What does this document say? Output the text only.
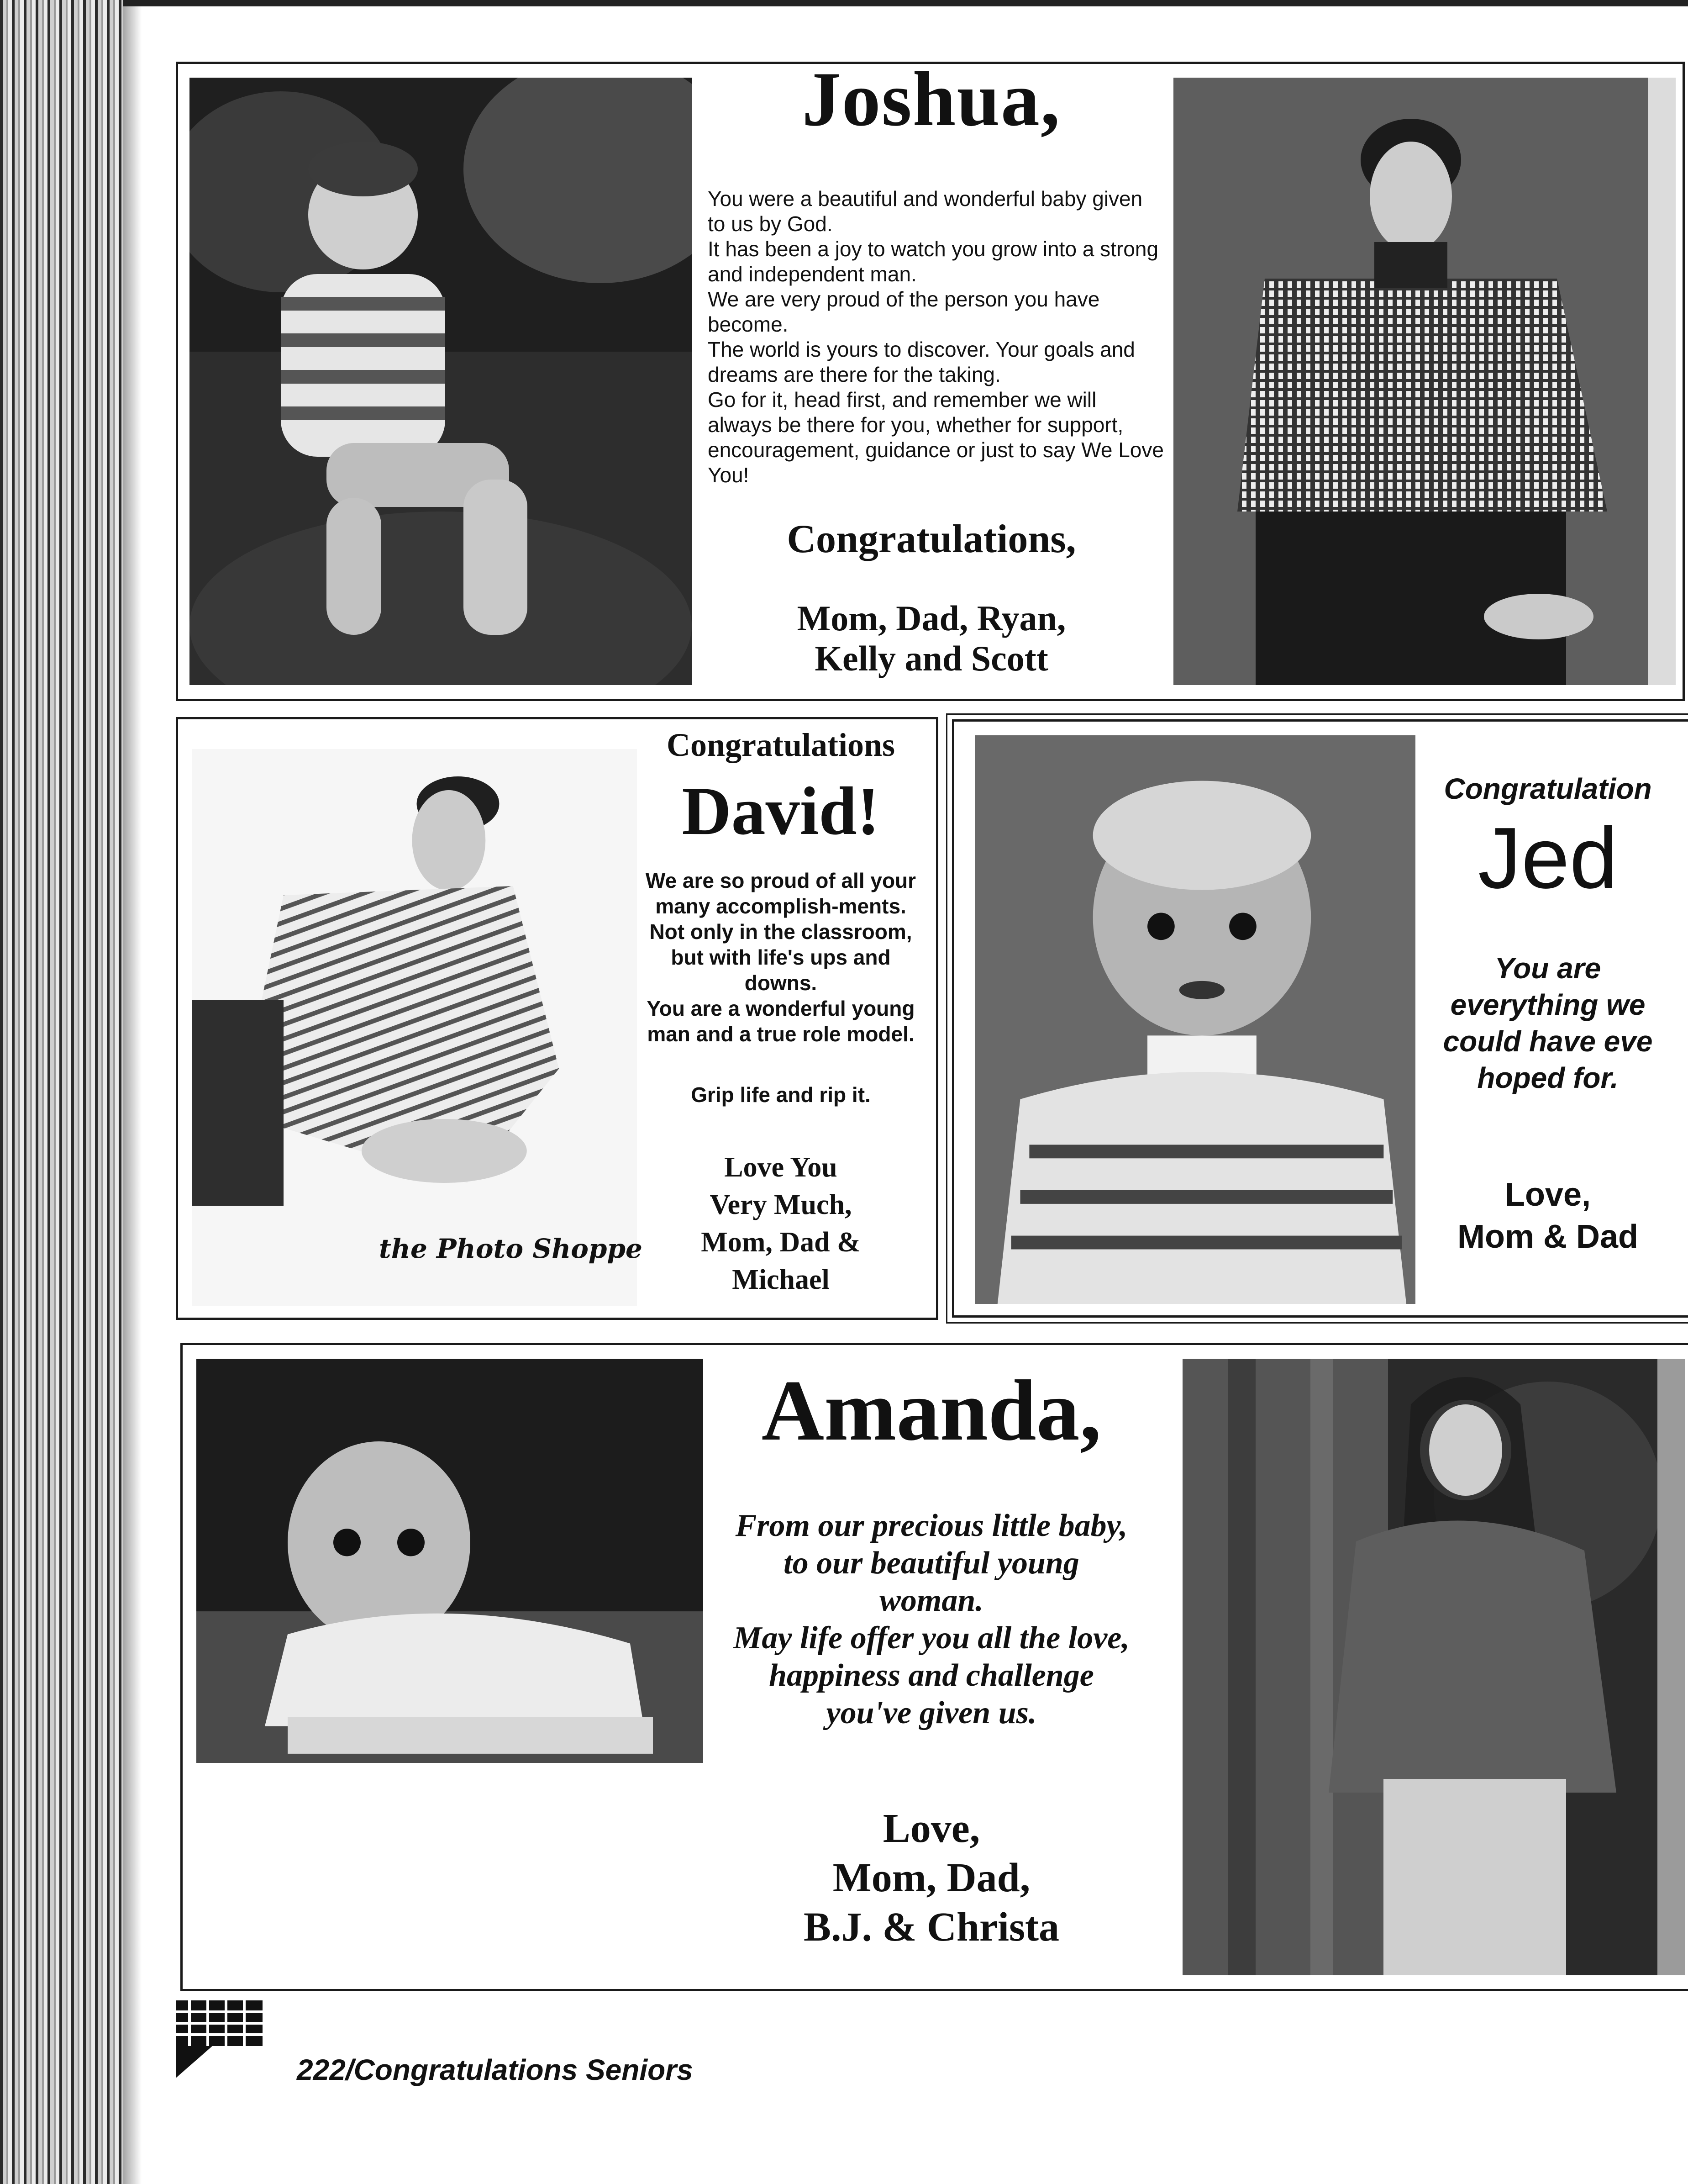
Joshua,

You were a beautiful and wonderful baby given to us by God.

It has been a joy to watch you grow into a strong and independent man.

We are very proud of the person you have become.

The world is yours to discover. Your goals and dreams are there for the taking.

Go for it, head first, and remember we will always be there for you, whether for support, encouragement, guidance or just to say We Love You!

Congratulations,
Mom, Dad, Ryan,
Kelly and Scott
the Photo Shoppe
Congratulations
David!

We are so proud of all your many accomplish-ments. Not only in the classroom, but with life's ups and downs.

You are a wonderful young man and a true role model.

Grip life and rip it.
Love You
Very Much,
Mom, Dad &
Michael
Congratulation
Jed
You are
everything we
could have eve
hoped for.
Love,
Mom & Dad
Amanda,
From our precious little baby,
to our beautiful young
woman.
May life offer you all the love,
happiness and challenge
you've given us.
Love,
Mom, Dad,
B.J. & Christa
222/Congratulations Seniors
